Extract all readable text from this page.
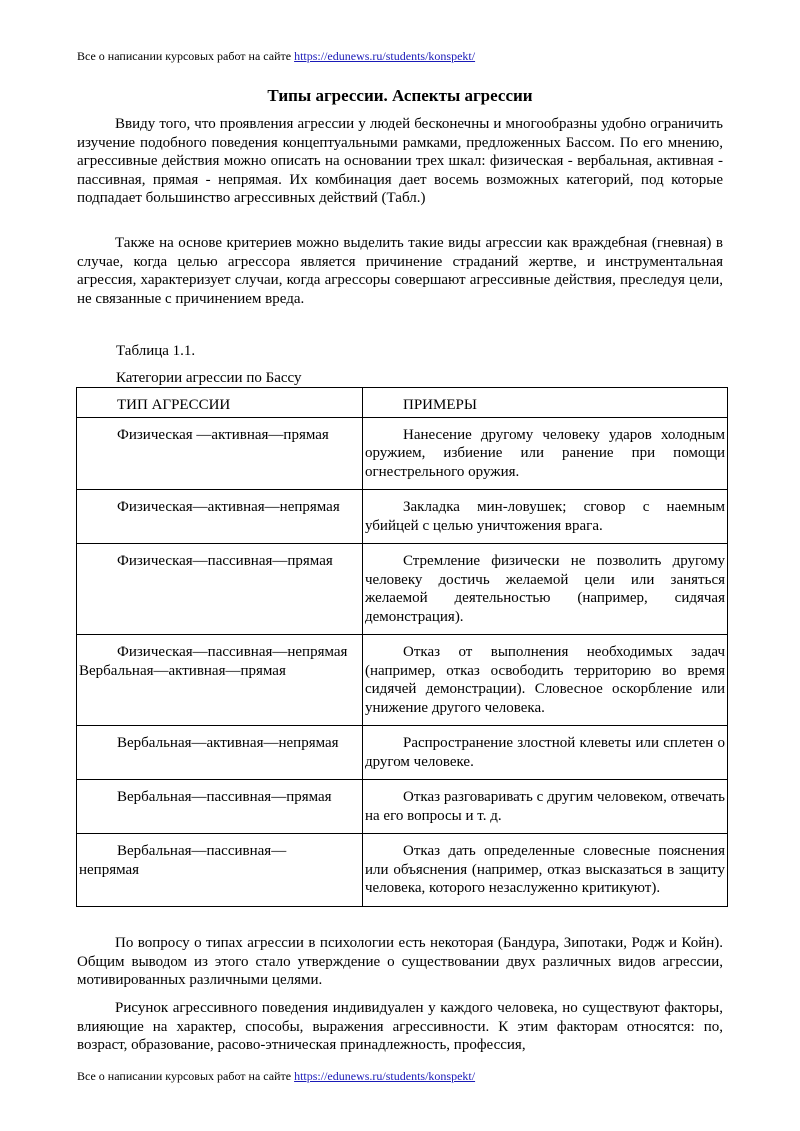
Все о написании курсовых работ на сайте https://edunews.ru/students/konspekt/
Типы агрессии. Аспекты агрессии

Ввиду того, что проявления агрессии у людей бесконечны и многообразны удобно ограничить изучение подобного поведения концептуальными рамками, предложенных Бассом. По его мнению, агрессивные действия можно описать на основании трех шкал: физическая - вербальная, активная - пассивная, прямая - непрямая. Их комбинация дает восемь возможных категорий, под которые подпадает большинство агрессивных действий (Табл.)

Также на основе критериев можно выделить такие виды агрессии как враждебная (гневная) в случае, когда целью агрессора является причинение страданий жертве, и инструментальная агрессия, характеризует случаи, когда агрессоры совершают агрессивные действия, преследуя цели, не связанные с причинением вреда.

Таблица 1.1.

Категории агрессии по Бассу

ТИП АГРЕССИИ	ПРИМЕРЫ
Физическая —активная—прямая	Нанесение другому человеку ударов холодным оружием, избиение или ранение при помощи огнестрельного оружия.
Физическая—активная—непрямая	Закладка мин-ловушек; сговор с наемным убийцей с целью уничтожения врага.
Физическая—пассивная—прямая	Стремление физически не позволить другому человеку достичь желаемой цели или заняться желаемой деятельностью (например, сидячая демонстрация).
Физическая—пассивная—непрямая Вербальная—активная—прямая	Отказ от выполнения необходимых задач (например, отказ освободить территорию во время сидячей демонстрации). Словесное оскорбление или унижение другого человека.
Вербальная—активная—непрямая	Распространение злостной клеветы или сплетен о другом человеке.
Вербальная—пассивная—прямая	Отказ разговаривать с другим человеком, отвечать на его вопросы и т. д.
Вербальная—пассивная—непрямая	Отказ дать определенные словесные пояснения или объяснения (например, отказ высказаться в защиту человека, которого незаслуженно критикуют).

По вопросу о типах агрессии в психологии есть некоторая (Бандура, Зипотаки, Родж и Койн). Общим выводом из этого стало утверждение о существовании двух различных видов агрессии, мотивированных различными целями.

Рисунок агрессивного поведения индивидуален у каждого человека, но существуют факторы, влияющие на характер, способы, выражения агрессивности. К этим факторам относятся: по, возраст, образование, расово-этническая принадлежность, профессия,

Все о написании курсовых работ на сайте https://edunews.ru/students/konspekt/
